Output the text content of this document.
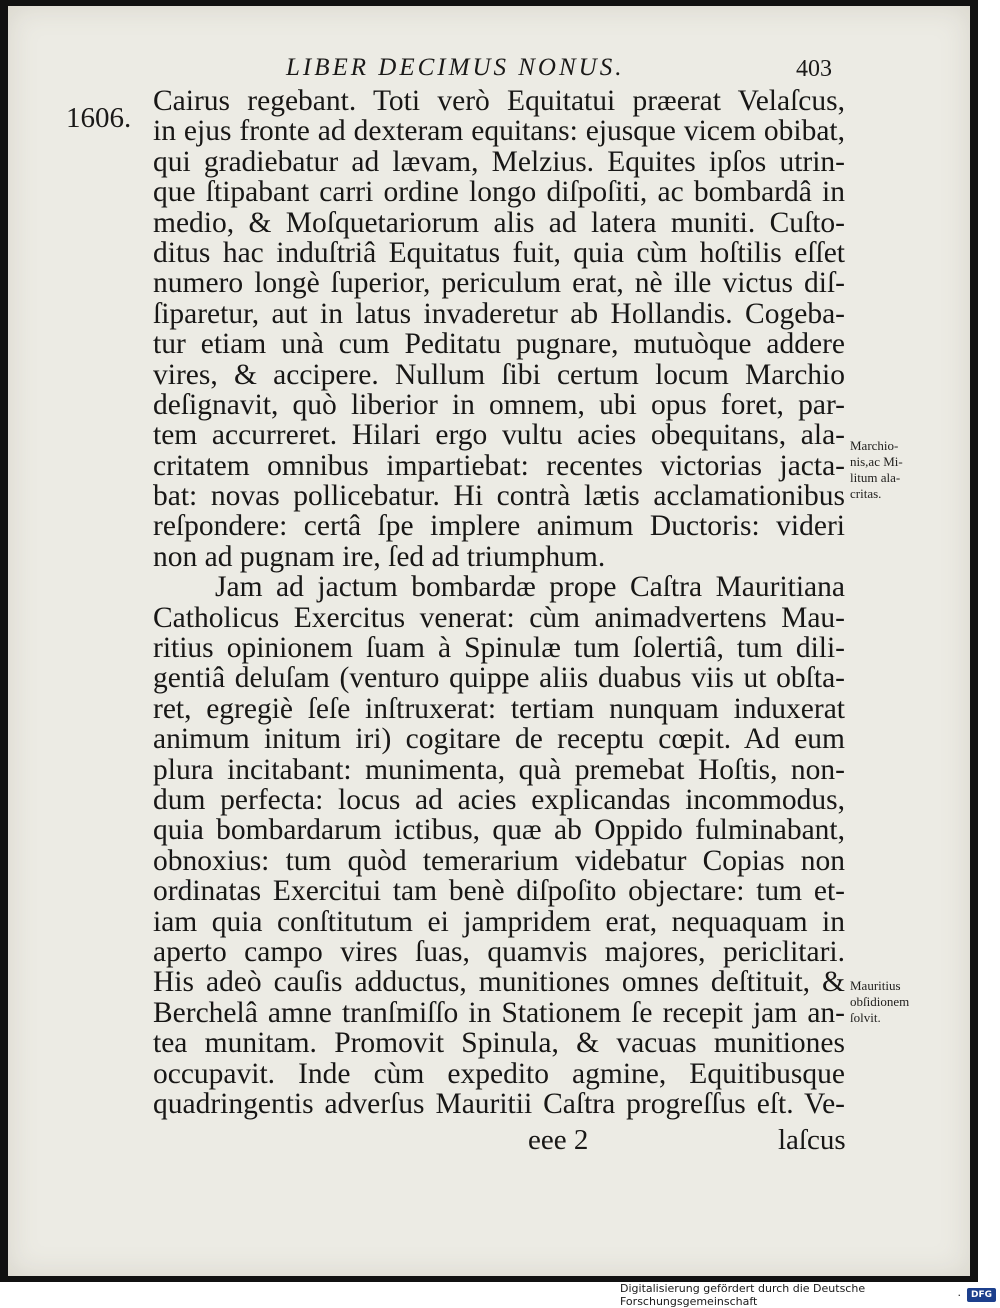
LIBER DECIMUS NONUS.	403
1606.
Cairus regebant. Toti verò Equitatui præerat Velaſcus,
in ejus fronte ad dexteram equitans: ejusque vicem obibat,
qui gradiebatur ad lævam, Melzius. Equites ipſos utrin-
que ſtipabant carri ordine longo diſpoſiti, ac bombardâ in
medio, & Moſquetariorum alis ad latera muniti. Cuſto-
ditus hac induſtriâ Equitatus fuit, quia cùm hoſtilis eſſet
numero longè ſuperior, periculum erat, nè ille victus diſ-
ſiparetur, aut in latus invaderetur ab Hollandis. Cogeba-
tur etiam unà cum Peditatu pugnare, mutuòque addere
vires, & accipere. Nullum ſibi certum locum Marchio
deſignavit, quò liberior in omnem, ubi opus foret, par-
tem accurreret. Hilari ergo vultu acies obequitans, ala-
critatem omnibus impartiebat: recentes victorias jacta-
bat: novas pollicebatur. Hi contrà lætis acclamationibus
reſpondere: certâ ſpe implere animum Ductoris: videri
non ad pugnam ire, ſed ad triumphum.
Jam ad jactum bombardæ prope Caſtra Mauritiana
Catholicus Exercitus venerat: cùm animadvertens Mau-
ritius opinionem ſuam à Spinulæ tum ſolertiâ, tum dili-
gentiâ deluſam (venturo quippe aliis duabus viis ut obſta-
ret, egregiè ſeſe inſtruxerat: tertiam nunquam induxerat
animum initum iri) cogitare de receptu cœpit. Ad eum
plura incitabant: munimenta, quà premebat Hoſtis, non-
dum perfecta: locus ad acies explicandas incommodus,
quia bombardarum ictibus, quæ ab Oppido fulminabant,
obnoxius: tum quòd temerarium videbatur Copias non
ordinatas Exercitui tam benè diſpoſito objectare: tum et-
iam quia conſtitutum ei jampridem erat, nequaquam in
aperto campo vires ſuas, quamvis majores, periclitari.
His adeò cauſis adductus, munitiones omnes deſtituit, &
Berchelâ amne tranſmiſſo in Stationem ſe recepit jam an-
tea munitam. Promovit Spinula, & vacuas munitiones
occupavit. Inde cùm expedito agmine, Equitibusque
quadringentis adverſus Mauritii Caſtra progreſſus eſt. Ve-
Marchio-
nis,ac Mi-
litum ala-
critas.
Mauritius
obſidionem
ſolvit.
eee 2	laſcus
Digitalisierung gefördert durch die Deutsche Forschungsgemeinschaft	·	DFG
